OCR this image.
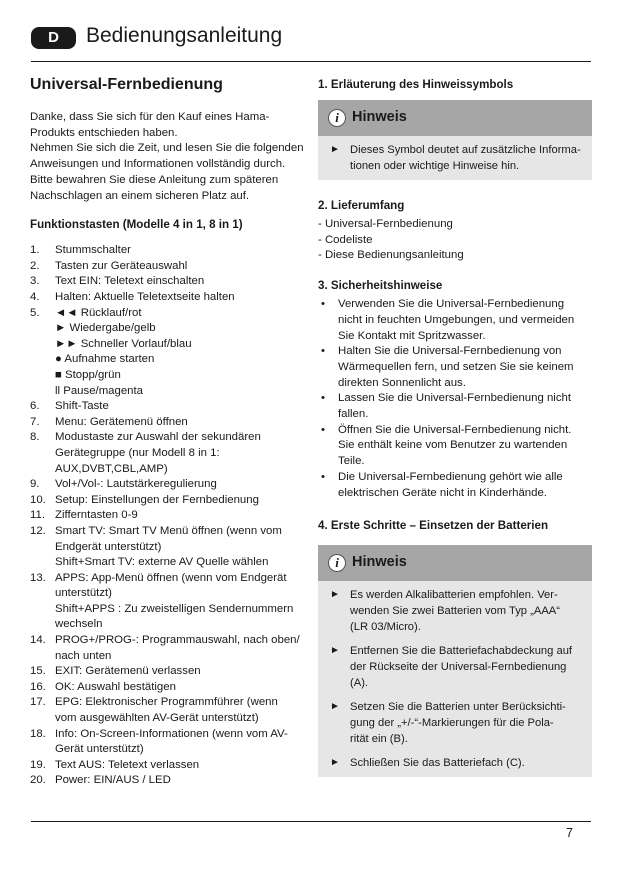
D	Bedienungsanleitung
Universal-Fernbedienung
Danke, dass Sie sich für den Kauf eines Hama-
Produkts entschieden haben.
Nehmen Sie sich die Zeit, und lesen Sie die folgenden
Anweisungen und Informationen vollständig durch.
Bitte bewahren Sie diese Anleitung zum späteren
Nachschlagen an einem sicheren Platz auf.
Funktionstasten (Modelle 4 in 1, 8 in 1)
1. Stummschalter
2. Tasten zur Geräteauswahl
3. Text EIN: Teletext einschalten
4. Halten: Aktuelle Teletextseite halten
5. ◄◄ Rücklauf/rot
► Wiedergabe/gelb
►► Schneller Vorlauf/blau
● Aufnahme starten
■ Stopp/grün
ll Pause/magenta
6. Shift-Taste
7. Menu: Gerätemenü öffnen
8. Modustaste zur Auswahl der sekundären
Gerätegruppe (nur Modell 8 in 1:
AUX,DVBT,CBL,AMP)
9. Vol+/Vol-: Lautstärkeregulierung
10. Setup: Einstellungen der Fernbedienung
11. Zifferntasten 0-9
12. Smart TV: Smart TV Menü öffnen (wenn vom
Endgerät unterstützt)
Shift+Smart TV: externe AV Quelle wählen
13. APPS: App-Menü öffnen (wenn vom Endgerät
unterstützt)
Shift+APPS : Zu zweistelligen Sendernummern
wechseln
14. PROG+/PROG-: Programmauswahl, nach oben/
nach unten
15. EXIT: Gerätemenü verlassen
16. OK: Auswahl bestätigen
17. EPG: Elektronischer Programmführer (wenn
vom ausgewählten AV-Gerät unterstützt)
18. Info: On-Screen-Informationen (wenn vom AV-
Gerät unterstützt)
19. Text AUS: Teletext verlassen
20. Power: EIN/AUS / LED
1. Erläuterung des Hinweissymbols
i Hinweis
► Dieses Symbol deutet auf zusätzliche Informa-
tionen oder wichtige Hinweise hin.
2. Lieferumfang
- Universal-Fernbedienung
- Codeliste
- Diese Bedienungsanleitung
3. Sicherheitshinweise
• Verwenden Sie die Universal-Fernbedienung
nicht in feuchten Umgebungen, und vermeiden
Sie Kontakt mit Spritzwasser.
• Halten Sie die Universal-Fernbedienung von
Wärmequellen fern, und setzen Sie sie keinem
direkten Sonnenlicht aus.
• Lassen Sie die Universal-Fernbedienung nicht
fallen.
• Öffnen Sie die Universal-Fernbedienung nicht.
Sie enthält keine vom Benutzer zu wartenden
Teile.
• Die Universal-Fernbedienung gehört wie alle
elektrischen Geräte nicht in Kinderhände.
4. Erste Schritte – Einsetzen der Batterien
i Hinweis
► Es werden Alkalibatterien empfohlen. Ver-
wenden Sie zwei Batterien vom Typ „AAA“
(LR 03/Micro).
► Entfernen Sie die Batteriefachabdeckung auf
der Rückseite der Universal-Fernbedienung (A).
► Setzen Sie die Batterien unter Berücksichti-
gung der „+/-“-Markierungen für die Pola-
rität ein (B).
► Schließen Sie das Batteriefach (C).
7
